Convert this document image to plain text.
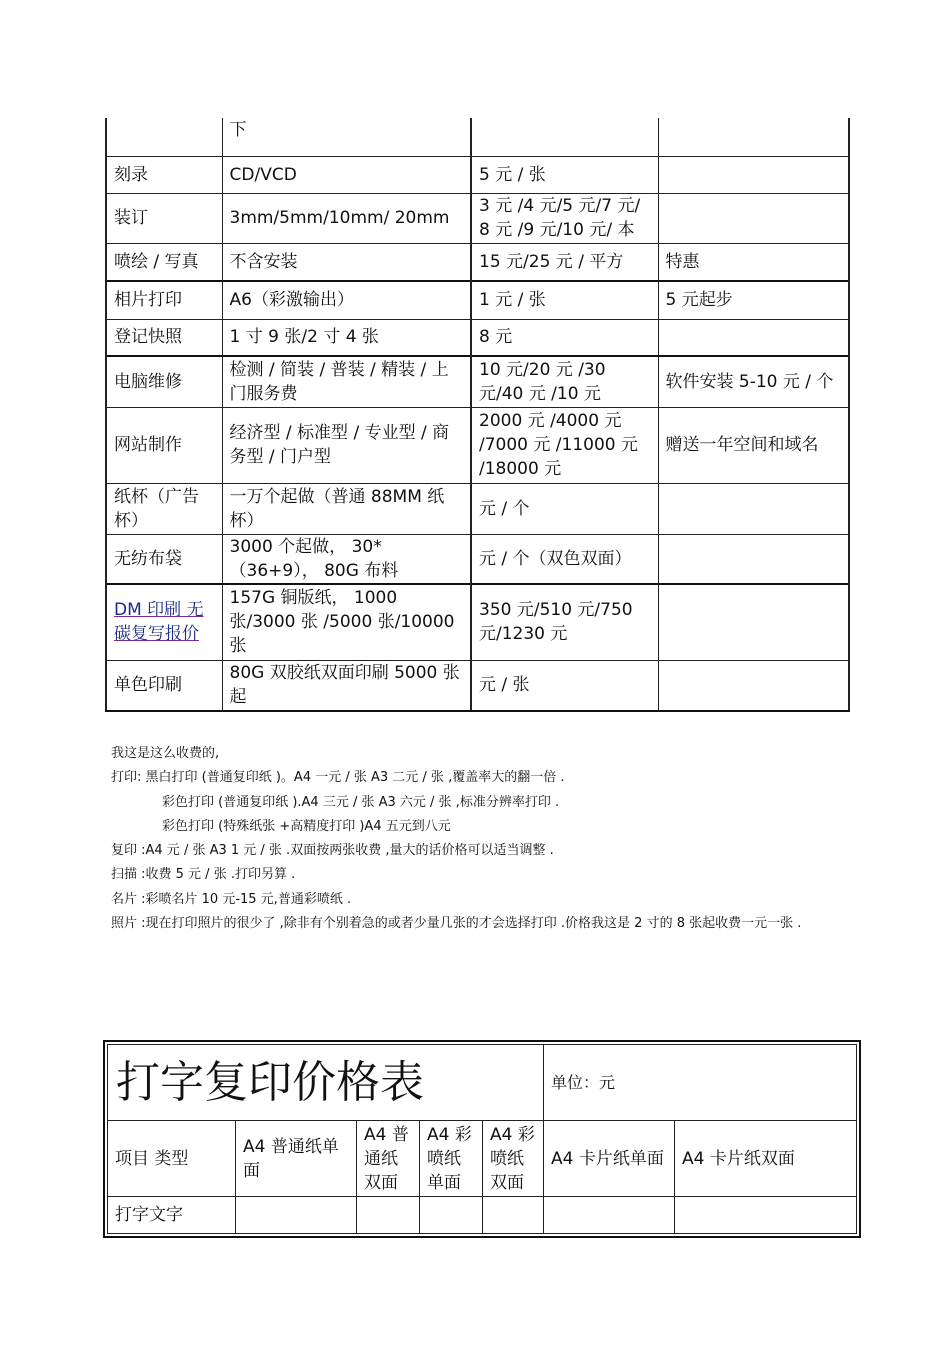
	下		
刻录	CD/VCD	5 元 / 张	
装订	3mm/5mm/10mm/ 20mm	3 元 /4 元/5 元/7 元/ 8 元 /9 元/10 元/ 本	
喷绘 / 写真	不含安装	15 元/25 元 / 平方	特惠
相片打印	A6（彩激输出）	1 元 / 张	5 元起步
登记快照	1 寸 9 张/2 寸 4 张	8 元	
电脑维修	检测 / 简装 / 普装 / 精装 / 上门服务费	10 元/20 元 /30 元/40 元 /10 元	软件安装 5-10 元 / 个
网站制作	经济型 / 标准型 / 专业型 / 商务型 / 门户型	2000 元 /4000 元 /7000 元 /11000 元 /18000 元	赠送一年空间和域名
纸杯（广告杯）	一万个起做（普通 88MM 纸杯）	元 / 个	
无纺布袋	3000 个起做， 30*（36+9）， 80G 布料	元 / 个（双色双面）	
DM 印刷 无碳复写报价	157G 铜版纸， 1000 张/3000 张 /5000 张/10000 张	350 元/510 元/750 元/1230 元	
单色印刷	80G 双胶纸双面印刷 5000 张起	元 / 张	

我这是这么收费的,

打印: 黑白打印 (普通复印纸 )。A4 一元 / 张 A3 二元 / 张 ,覆盖率大的翻一倍 .

彩色打印 (普通复印纸 ).A4 三元 / 张 A3 六元 / 张 ,标准分辨率打印 .

彩色打印 (特殊纸张 +高精度打印 )A4 五元到八元

复印 :A4 元 / 张 A3 1 元 / 张 .双面按两张收费 ,量大的话价格可以适当调整 .

扫描 :收费 5 元 / 张 .打印另算 .

名片 :彩喷名片 10 元-15 元,普通彩喷纸 .

照片 :现在打印照片的很少了 ,除非有个别着急的或者少量几张的才会选择打印 .价格我这是 2 寸的 8 张起收费一元一张 .

打字复印价格表					单位：元	
项目 类型	A4 普通纸单面	A4 普通纸双面	A4 彩喷纸单面	A4 彩喷纸双面	A4 卡片纸单面	A4 卡片纸双面
打字文字						
